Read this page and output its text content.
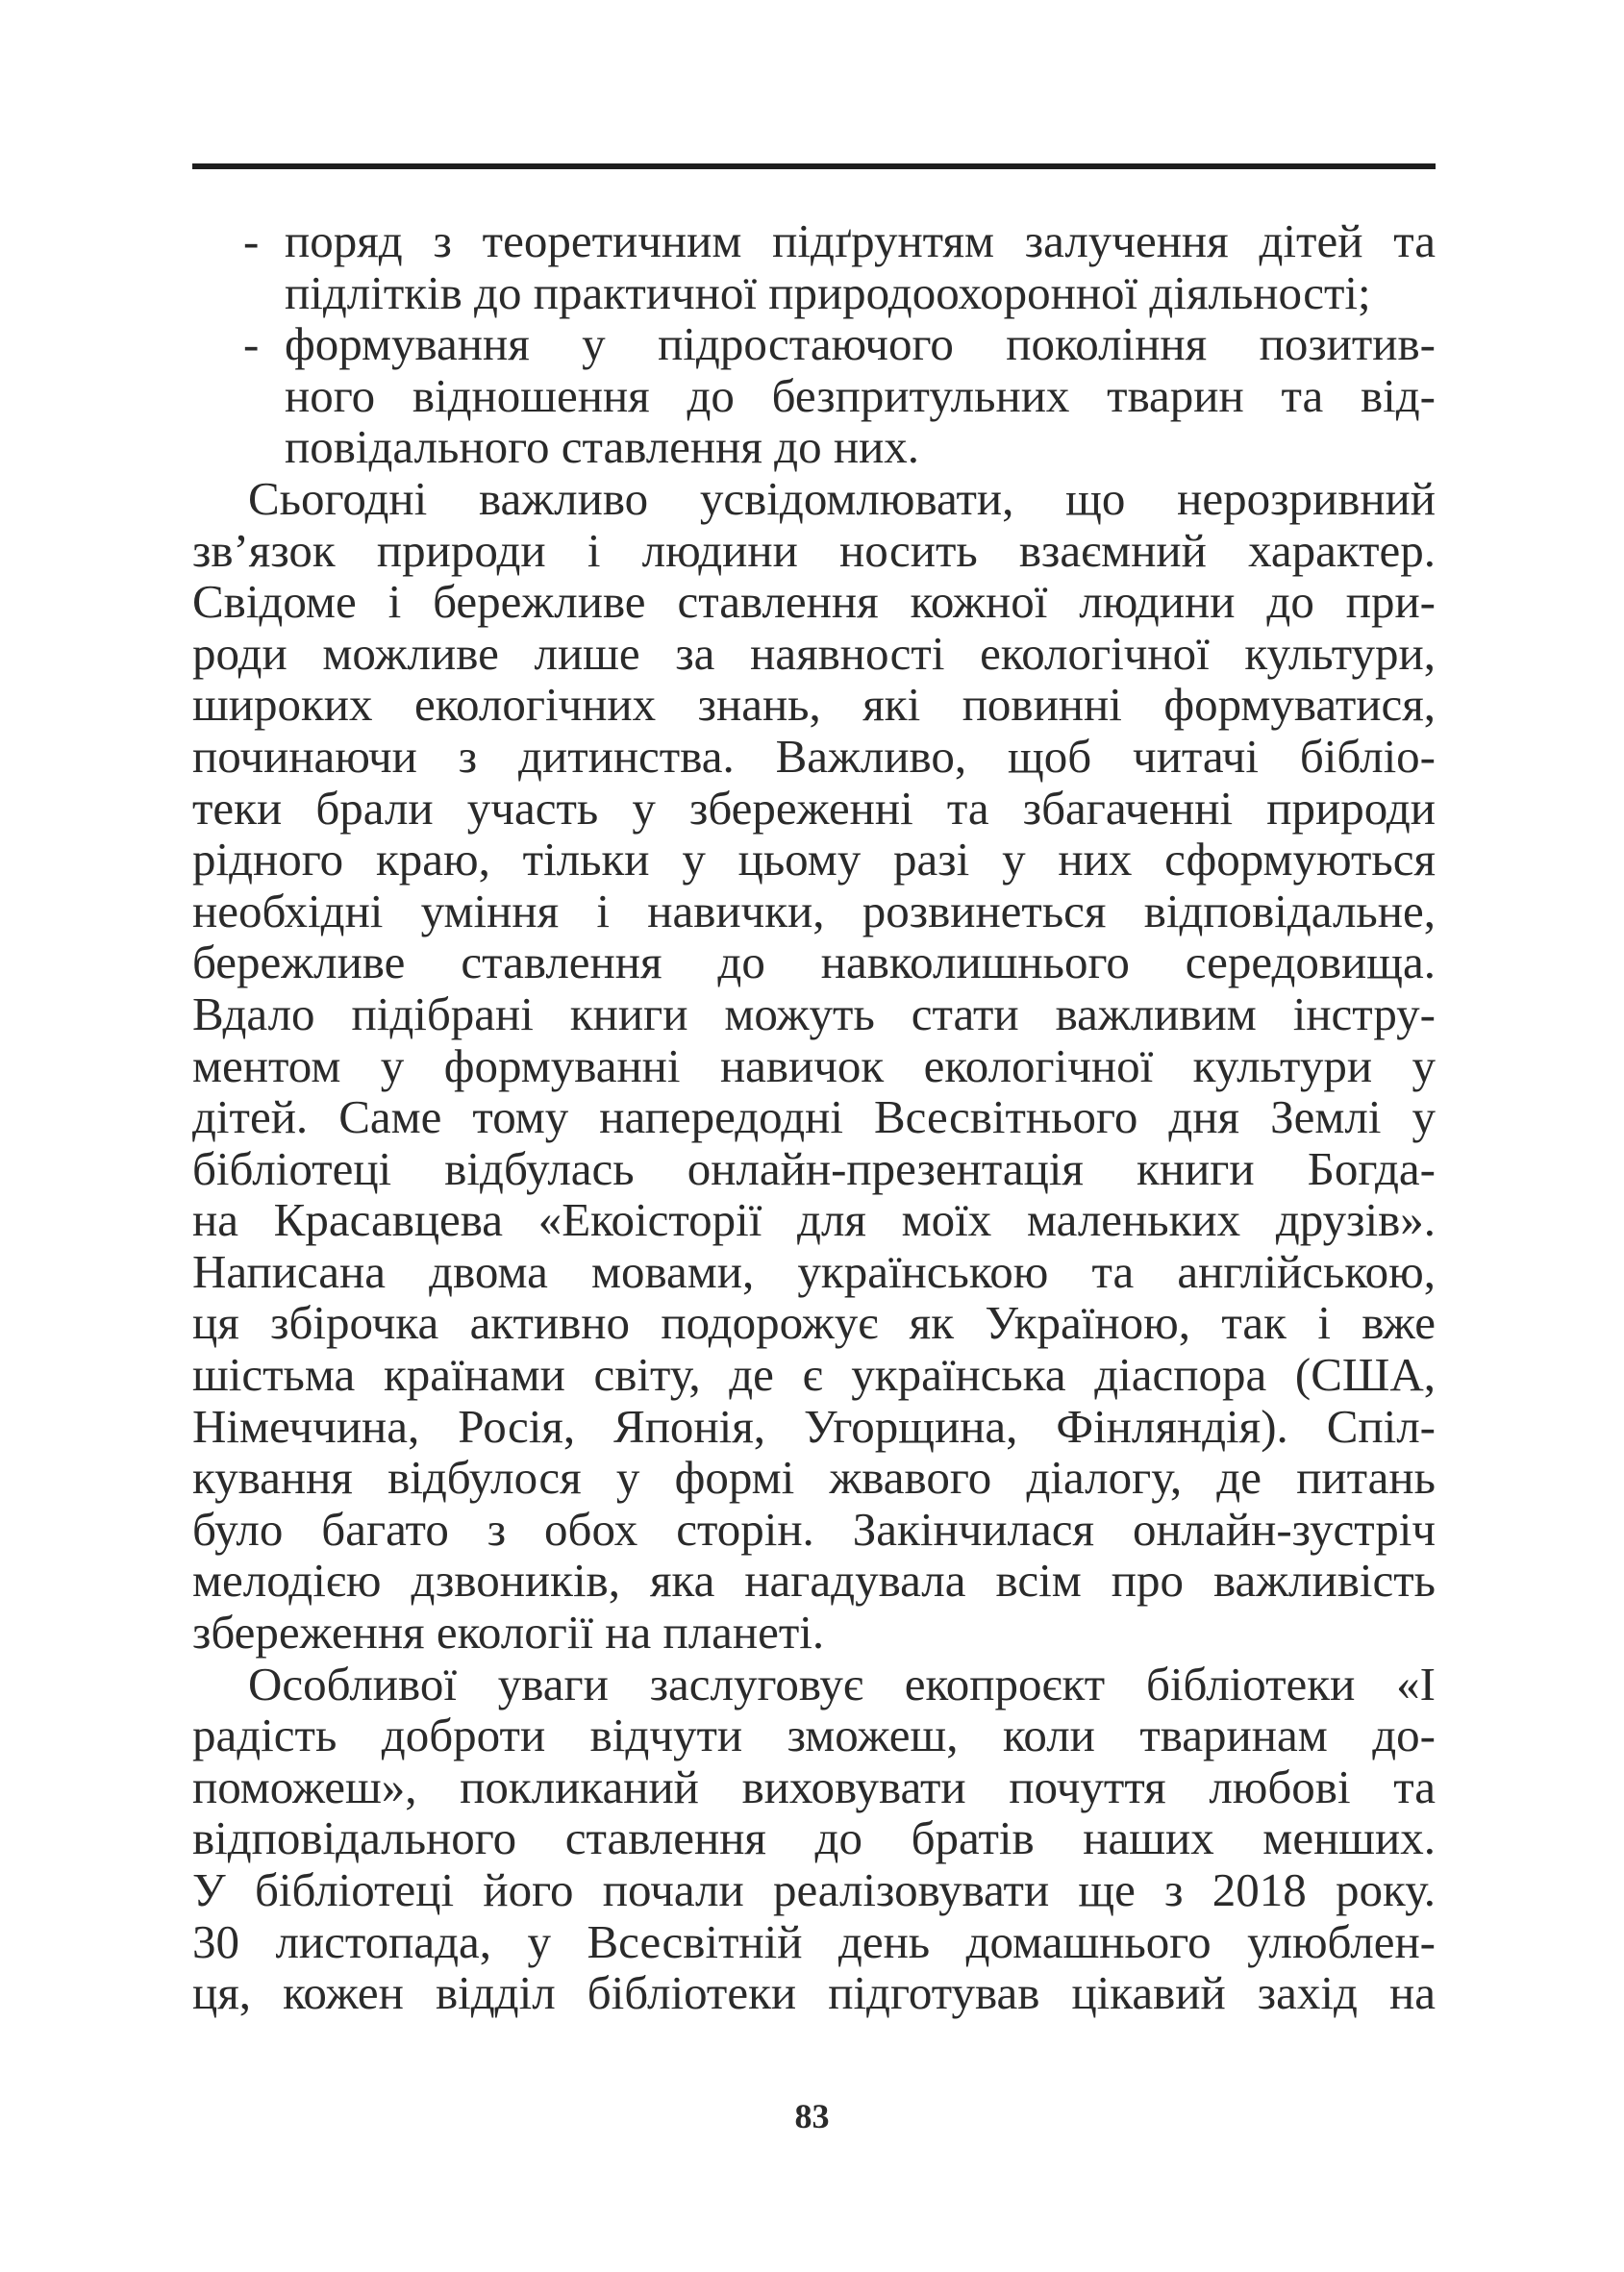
- поряд з теоретичним підґрунтям залучення дітей та
підлітків до практичної природоохоронної діяльності;
- формування у підростаючого покоління позитив-
ного відношення до безпритульних тварин та від-
повідального ставлення до них.
Сьогодні важливо усвідомлювати, що нерозривний
зв’язок природи і людини носить взаємний характер.
Свідоме і бережливе ставлення кожної людини до при-
роди можливе лише за наявності екологічної культури,
широких екологічних знань, які повинні формуватися,
починаючи з дитинства. Важливо, щоб читачі бібліо-
теки брали участь у збереженні та збагаченні природи
рідного краю, тільки у цьому разі у них сформуються
необхідні уміння і навички, розвинеться відповідальне,
бережливе ставлення до навколишнього середовища.
Вдало підібрані книги можуть стати важливим інстру-
ментом у формуванні навичок екологічної культури у
дітей. Саме тому напередодні Всесвітнього дня Землі у
бібліотеці відбулась онлайн-презентація книги Богда-
на Красавцева «Екоісторії для моїх маленьких друзів».
Написана двома мовами, українською та англійською,
ця збірочка активно подорожує як Україною, так і вже
шістьма країнами світу, де є українська діаспора (США,
Німеччина, Росія, Японія, Угорщина, Фінляндія). Спіл-
кування відбулося у формі жвавого діалогу, де питань
було багато з обох сторін. Закінчилася онлайн-зустріч
мелодією дзвоників, яка нагадувала всім про важливість
збереження екології на планеті.
Особливої уваги заслуговує екопроєкт бібліотеки «І
радість доброти відчути зможеш, коли тваринам до-
поможеш», покликаний виховувати почуття любові та
відповідального ставлення до братів наших менших.
У бібліотеці його почали реалізовувати ще з 2018 року.
30 листопада, у Всесвітній день домашнього улюблен-
ця, кожен відділ бібліотеки підготував цікавий захід на
83
